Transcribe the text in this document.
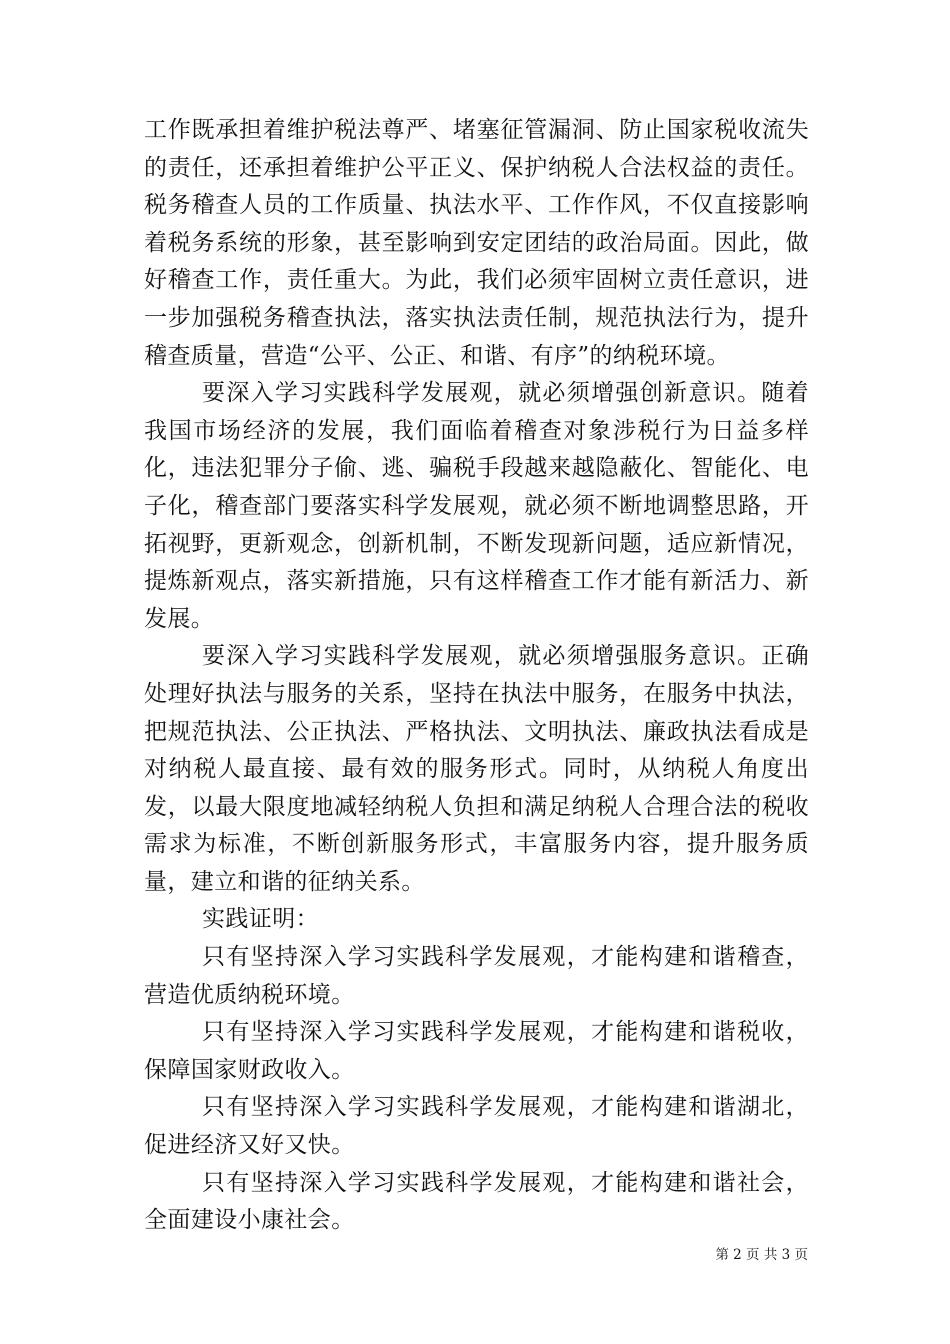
工作既承担着维护税法尊严、堵塞征管漏洞、防止国家税收流失的责任，还承担着维护公平正义、保护纳税人合法权益的责任。税务稽查人员的工作质量、执法水平、工作作风，不仅直接影响着税务系统的形象，甚至影响到安定团结的政治局面。因此，做好稽查工作，责任重大。为此，我们必须牢固树立责任意识，进一步加强税务稽查执法，落实执法责任制，规范执法行为，提升稽查质量，营造“公平、公正、和谐、有序”的纳税环境。

要深入学习实践科学发展观，就必须增强创新意识。随着我国市场经济的发展，我们面临着稽查对象涉税行为日益多样化，违法犯罪分子偷、逃、骗税手段越来越隐蔽化、智能化、电子化，稽查部门要落实科学发展观，就必须不断地调整思路，开拓视野，更新观念，创新机制，不断发现新问题，适应新情况，提炼新观点，落实新措施，只有这样稽查工作才能有新活力、新发展。

要深入学习实践科学发展观，就必须增强服务意识。正确处理好执法与服务的关系，坚持在执法中服务，在服务中执法，把规范执法、公正执法、严格执法、文明执法、廉政执法看成是对纳税人最直接、最有效的服务形式。同时，从纳税人角度出发，以最大限度地减轻纳税人负担和满足纳税人合理合法的税收需求为标准，不断创新服务形式，丰富服务内容，提升服务质量，建立和谐的征纳关系。

实践证明：

只有坚持深入学习实践科学发展观，才能构建和谐稽查，营造优质纳税环境。

只有坚持深入学习实践科学发展观，才能构建和谐税收，保障国家财政收入。

只有坚持深入学习实践科学发展观，才能构建和谐湖北，促进经济又好又快。

只有坚持深入学习实践科学发展观，才能构建和谐社会，全面建设小康社会。

第 2 页 共 3 页
